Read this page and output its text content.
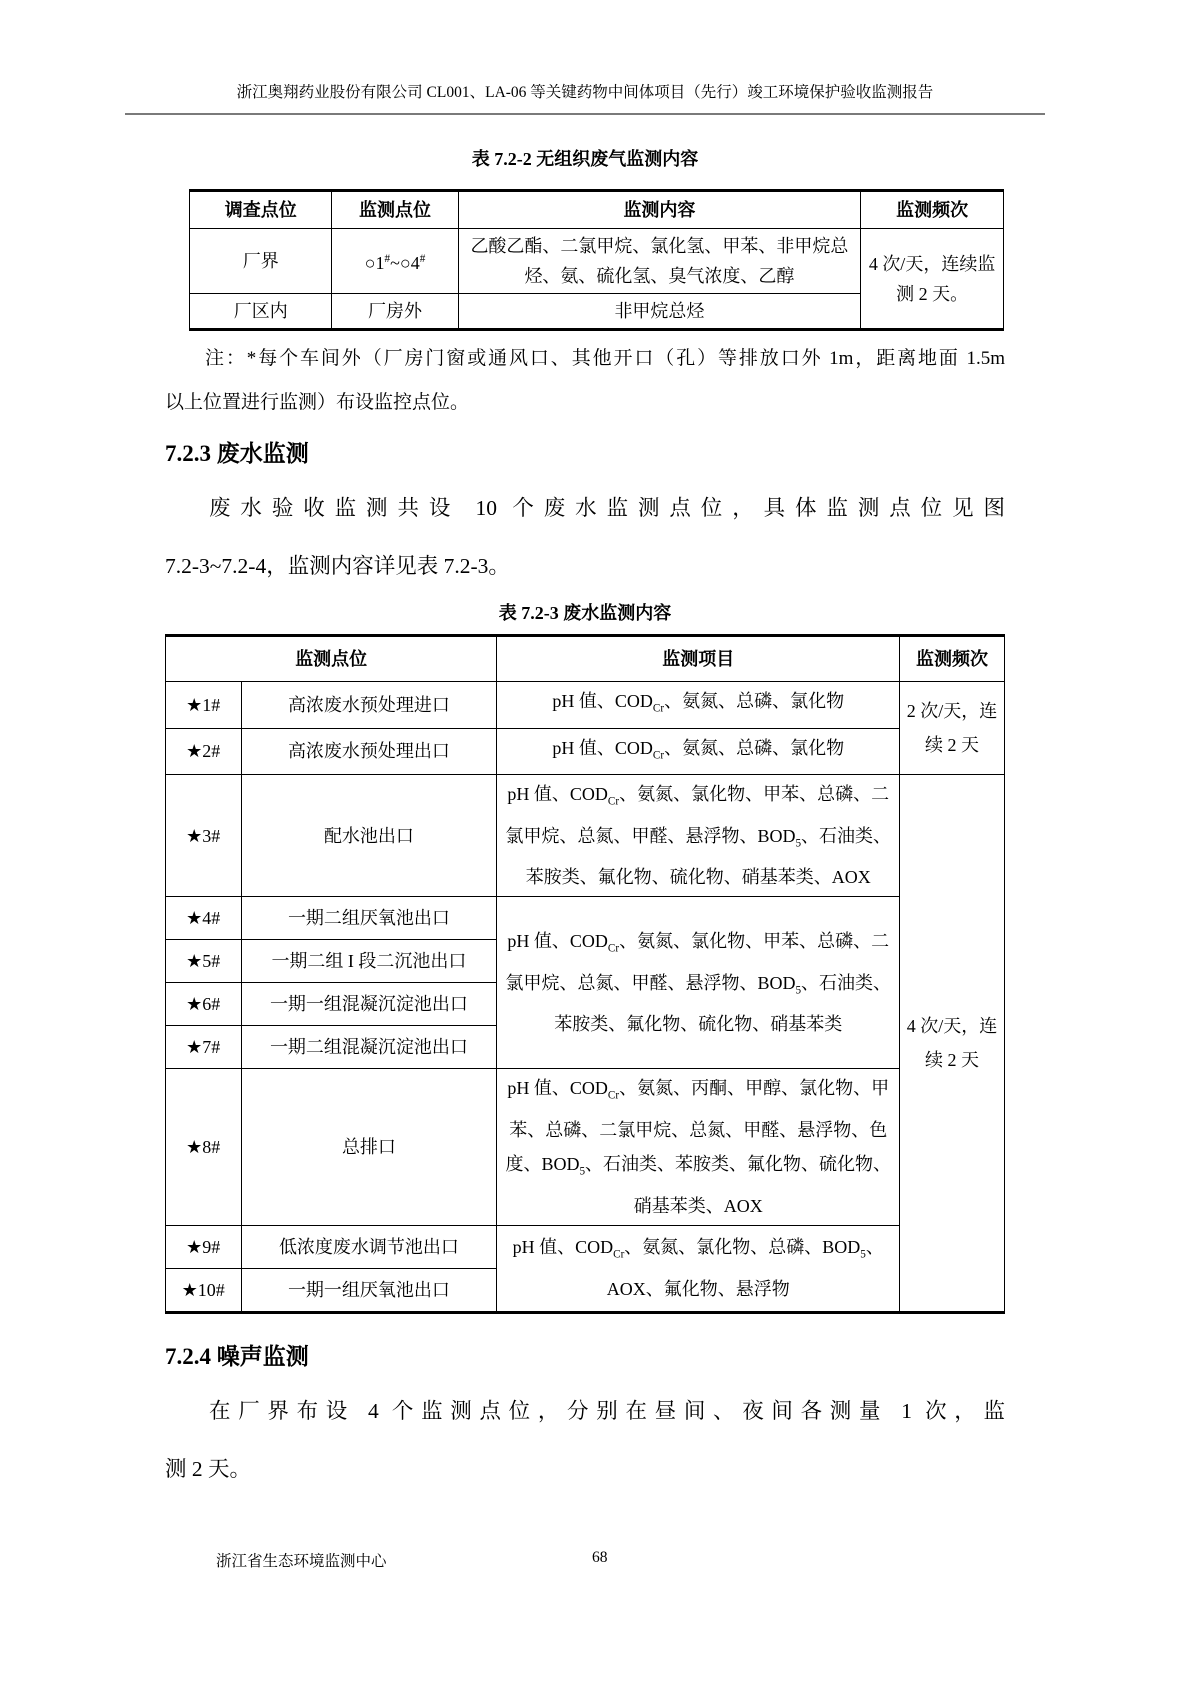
浙江奥翔药业股份有限公司 CL001、LA-06 等关键药物中间体项目（先行）竣工环境保护验收监测报告
表 7.2-2 无组织废气监测内容
调查点位	监测点位	监测内容	监测频次
厂界	○1#~○4#	乙酸乙酯、二氯甲烷、氯化氢、甲苯、非甲烷总烃、氨、硫化氢、臭气浓度、乙醇	4 次/天，连续监测 2 天。
厂区内	厂房外	非甲烷总烃	
注：*每个车间外（厂房门窗或通风口、其他开口（孔）等排放口外 1m，距离地面 1.5m
以上位置进行监测）布设监控点位。
7.2.3 废水监测
废水验收监测共设 10 个废水监测点位，具体监测点位见图
7.2-3~7.2-4，监测内容详见表 7.2-3。
表 7.2-3 废水监测内容
监测点位		监测项目	监测频次
★1#	高浓废水预处理进口	pH 值、$COD_{Cr}$、氨氮、总磷、氯化物	2 次/天，连续 2 天
★2#	高浓废水预处理出口	pH 值、$COD_{Cr}$、氨氮、总磷、氯化物	
★3#	配水池出口	pH 值、$COD_{Cr}$、氨氮、氯化物、甲苯、总磷、二氯甲烷、总氮、甲醛、悬浮物、$BOD_5$、石油类、苯胺类、氟化物、硫化物、硝基苯类、AOX	4 次/天，连续 2 天
★4#	一期二组厌氧池出口	pH 值、$COD_{Cr}$、氨氮、氯化物、甲苯、总磷、二氯甲烷、总氮、甲醛、悬浮物、$BOD_5$、石油类、苯胺类、氟化物、硫化物、硝基苯类	
★5#	一期二组 I 段二沉池出口		
★6#	一期一组混凝沉淀池出口		
★7#	一期二组混凝沉淀池出口		
★8#	总排口	pH 值、$COD_{Cr}$、氨氮、丙酮、甲醇、氯化物、甲苯、总磷、二氯甲烷、总氮、甲醛、悬浮物、色度、$BOD_5$、石油类、苯胺类、氟化物、硫化物、硝基苯类、AOX	
★9#	低浓度废水调节池出口	pH 值、$COD_{Cr}$、氨氮、氯化物、总磷、$BOD_5$、AOX、氟化物、悬浮物	
★10#	一期一组厌氧池出口		
7.2.4 噪声监测
在厂界布设 4 个监测点位，分别在昼间、夜间各测量 1 次，监
测 2 天。
浙江省生态环境监测中心	68
